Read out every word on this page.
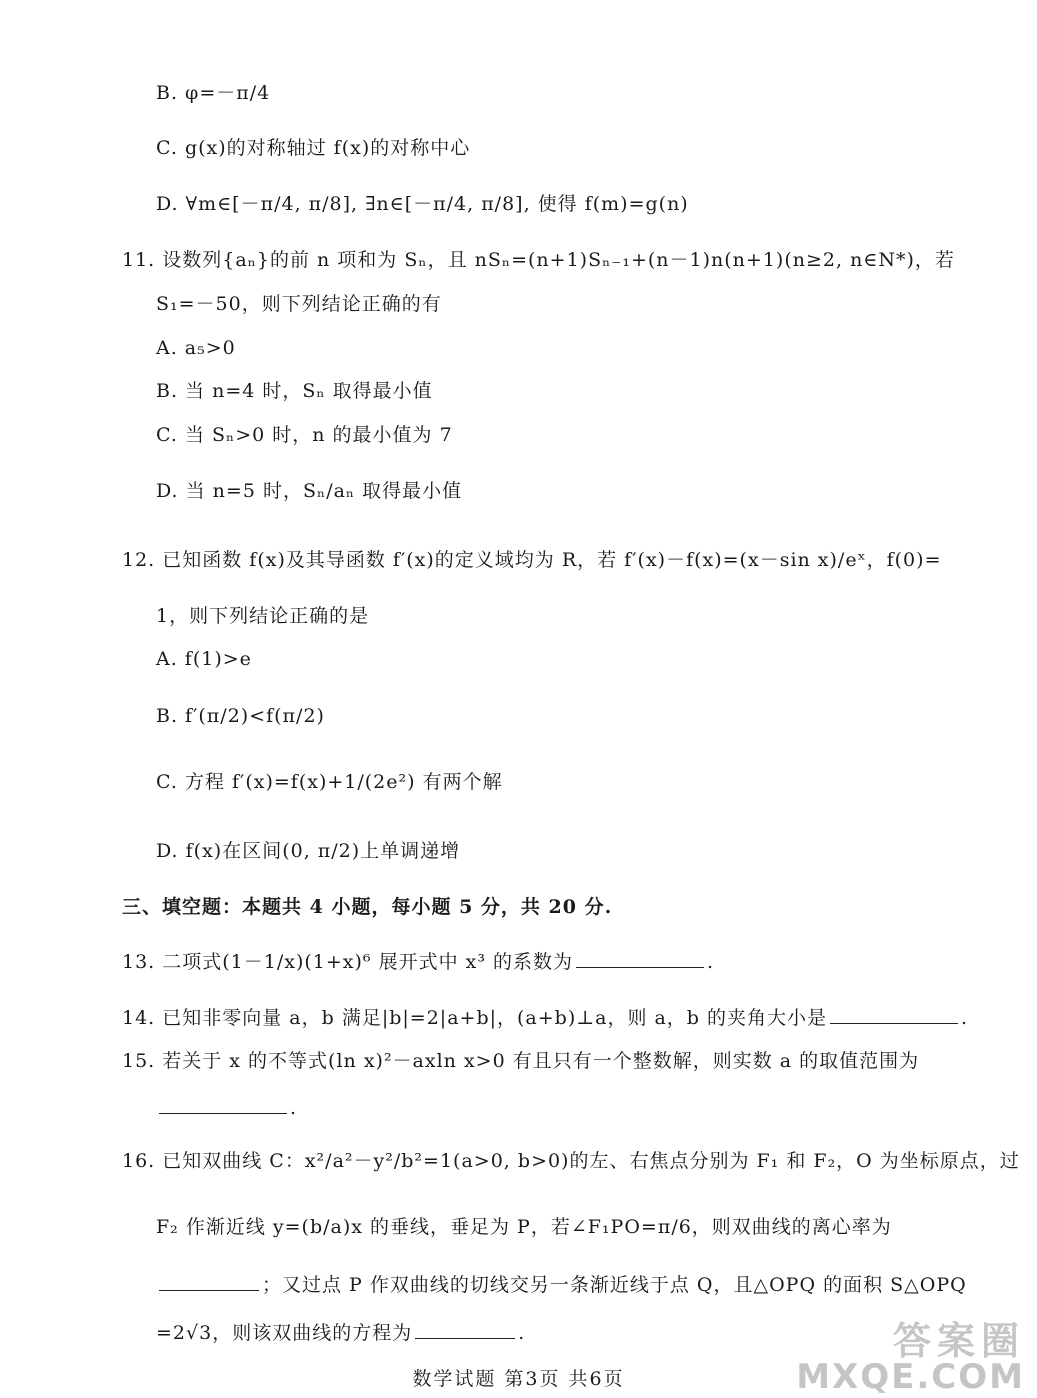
B. φ=－π/4
C. g(x)的对称轴过 f(x)的对称中心
D. ∀m∈[－π/4, π/8], ∃n∈[－π/4, π/8], 使得 f(m)=g(n)
11. 设数列{aₙ}的前 n 项和为 Sₙ，且 nSₙ=(n+1)Sₙ₋₁+(n－1)n(n+1)(n≥2, n∈N*)，若
S₁=－50，则下列结论正确的有
A. a₅>0
B. 当 n=4 时，Sₙ 取得最小值
C. 当 Sₙ>0 时，n 的最小值为 7
D. 当 n=5 时，Sₙ/aₙ 取得最小值
12. 已知函数 f(x)及其导函数 f′(x)的定义域均为 R，若 f′(x)－f(x)=(x－sin x)/eˣ，f(0)=
1，则下列结论正确的是
A. f(1)>e
B. f′(π/2)<f(π/2)
C. 方程 f′(x)=f(x)+1/(2e²) 有两个解
D. f(x)在区间(0, π/2)上单调递增
三、填空题：本题共 4 小题，每小题 5 分，共 20 分.
13. 二项式(1－1/x)(1+x)⁶ 展开式中 x³ 的系数为	.
14. 已知非零向量 a，b 满足|b|=2|a+b|，(a+b)⊥a，则 a，b 的夹角大小是	.
15. 若关于 x 的不等式(ln x)²－axln x>0 有且只有一个整数解，则实数 a 的取值范围为
.
16. 已知双曲线 C：x²/a²－y²/b²=1(a>0, b>0)的左、右焦点分别为 F₁ 和 F₂，O 为坐标原点，过
F₂ 作渐近线 y=(b/a)x 的垂线，垂足为 P，若∠F₁PO=π/6，则双曲线的离心率为
；又过点 P 作双曲线的切线交另一条渐近线于点 Q，且△OPQ 的面积 S△OPQ
=2√3，则该双曲线的方程为	.
数学试题 第3页 共6页
答案圈
MXQE.COM
